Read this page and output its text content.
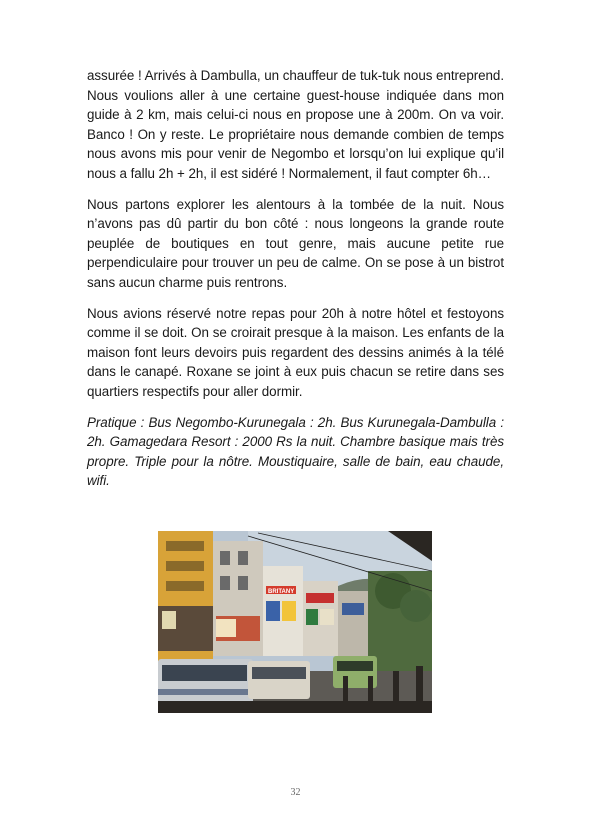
assurée ! Arrivés à Dambulla, un chauffeur de tuk-tuk nous entreprend. Nous voulions aller à une certaine guest-house indiquée dans mon guide à 2 km, mais celui-ci nous en propose une à 200m. On va voir. Banco ! On y reste. Le propriétaire nous demande combien de temps nous avons mis pour venir de Negombo et lorsqu’on lui explique qu’il nous a fallu 2h + 2h, il est sidéré ! Normalement, il faut compter 6h…

Nous partons explorer les alentours à la tombée de la nuit. Nous n’avons pas dû partir du bon côté : nous longeons la grande route peuplée de boutiques en tout genre, mais aucune petite rue perpendiculaire pour trouver un peu de calme. On se pose à un bistrot sans aucun charme puis rentrons.

Nous avions réservé notre repas pour 20h à notre hôtel et festoyons comme il se doit. On se croirait presque à la maison. Les enfants de la maison font leurs devoirs puis regardent des dessins animés à la télé dans le canapé. Roxane se joint à eux puis chacun se retire dans ses quartiers respectifs pour aller dormir.

Pratique : Bus Negombo-Kurunegala : 2h. Bus Kurunegala-Dambulla : 2h. Gamagedara Resort : 2000 Rs la nuit. Chambre basique mais très propre. Triple pour la nôtre. Moustiquaire, salle de bain, eau chaude, wifi.

BRITANY
32
